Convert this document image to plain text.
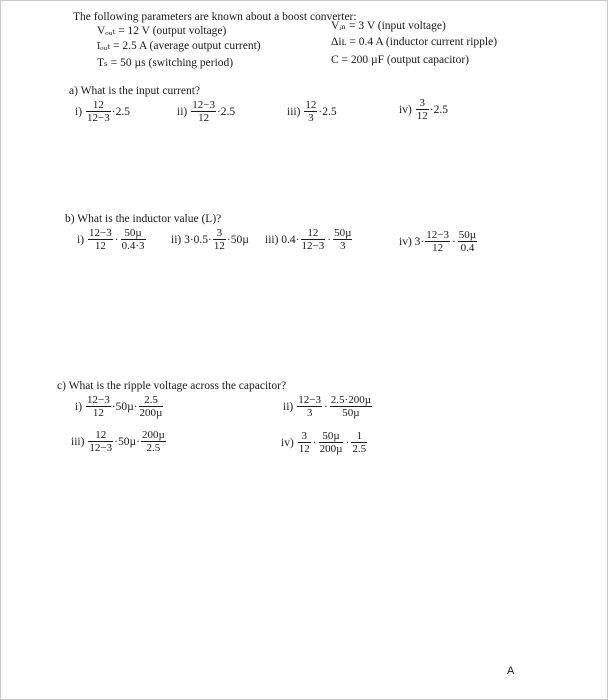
The following parameters are known about a boost converter:
Vₒᵤₜ = 12 V (output voltage)
īₒᵤₜ = 2.5 A (average output current)
Tₛ = 50 µs (switching period)
Vᵢₙ = 3 V (input voltage)
Δiʟ = 0.4 A (inductor current ripple)
C = 200 µF (output capacitor)
a) What is the input current?
$i) \frac{12}{12-3} \cdot 2.5$	$ii) \frac{12-3}{12} \cdot 2.5$	$iii) \frac{12}{3} \cdot 2.5$	$iv) \frac{3}{12} \cdot 2.5$
b) What is the inductor value (L)?
$i) \frac{12-3}{12} \cdot \frac{\text{50µ}}{0.4\cdot 3} ii$) $3\cdot 0.5\cdot \frac{3}{12} \cdot 50\mu$ iii) $0.4\cdot \frac{12}{12-3} \cdot \frac{\text{50µ}}{3}$	iv) $3\cdot \frac{12-3}{12} \cdot \frac{\text{50µ}}{0.4}$
c) What is the ripple voltage across the capacitor?
$i) \frac{12-3}{12} \cdot 50\mu\cdot \frac{2.5}{\text{200µ}}$	$ii) \frac{12-3}{3} \cdot \frac{\text{2.5·200µ}}{\text{50µ}}$
$iii) \frac{12}{12-3} \cdot 50\mu\cdot \frac{\text{200µ}}{2.5}$	$iv) \frac{3}{12} \cdot \frac{\text{50µ}}{\text{200µ}} \cdot \frac{1}{2.5}$
A
